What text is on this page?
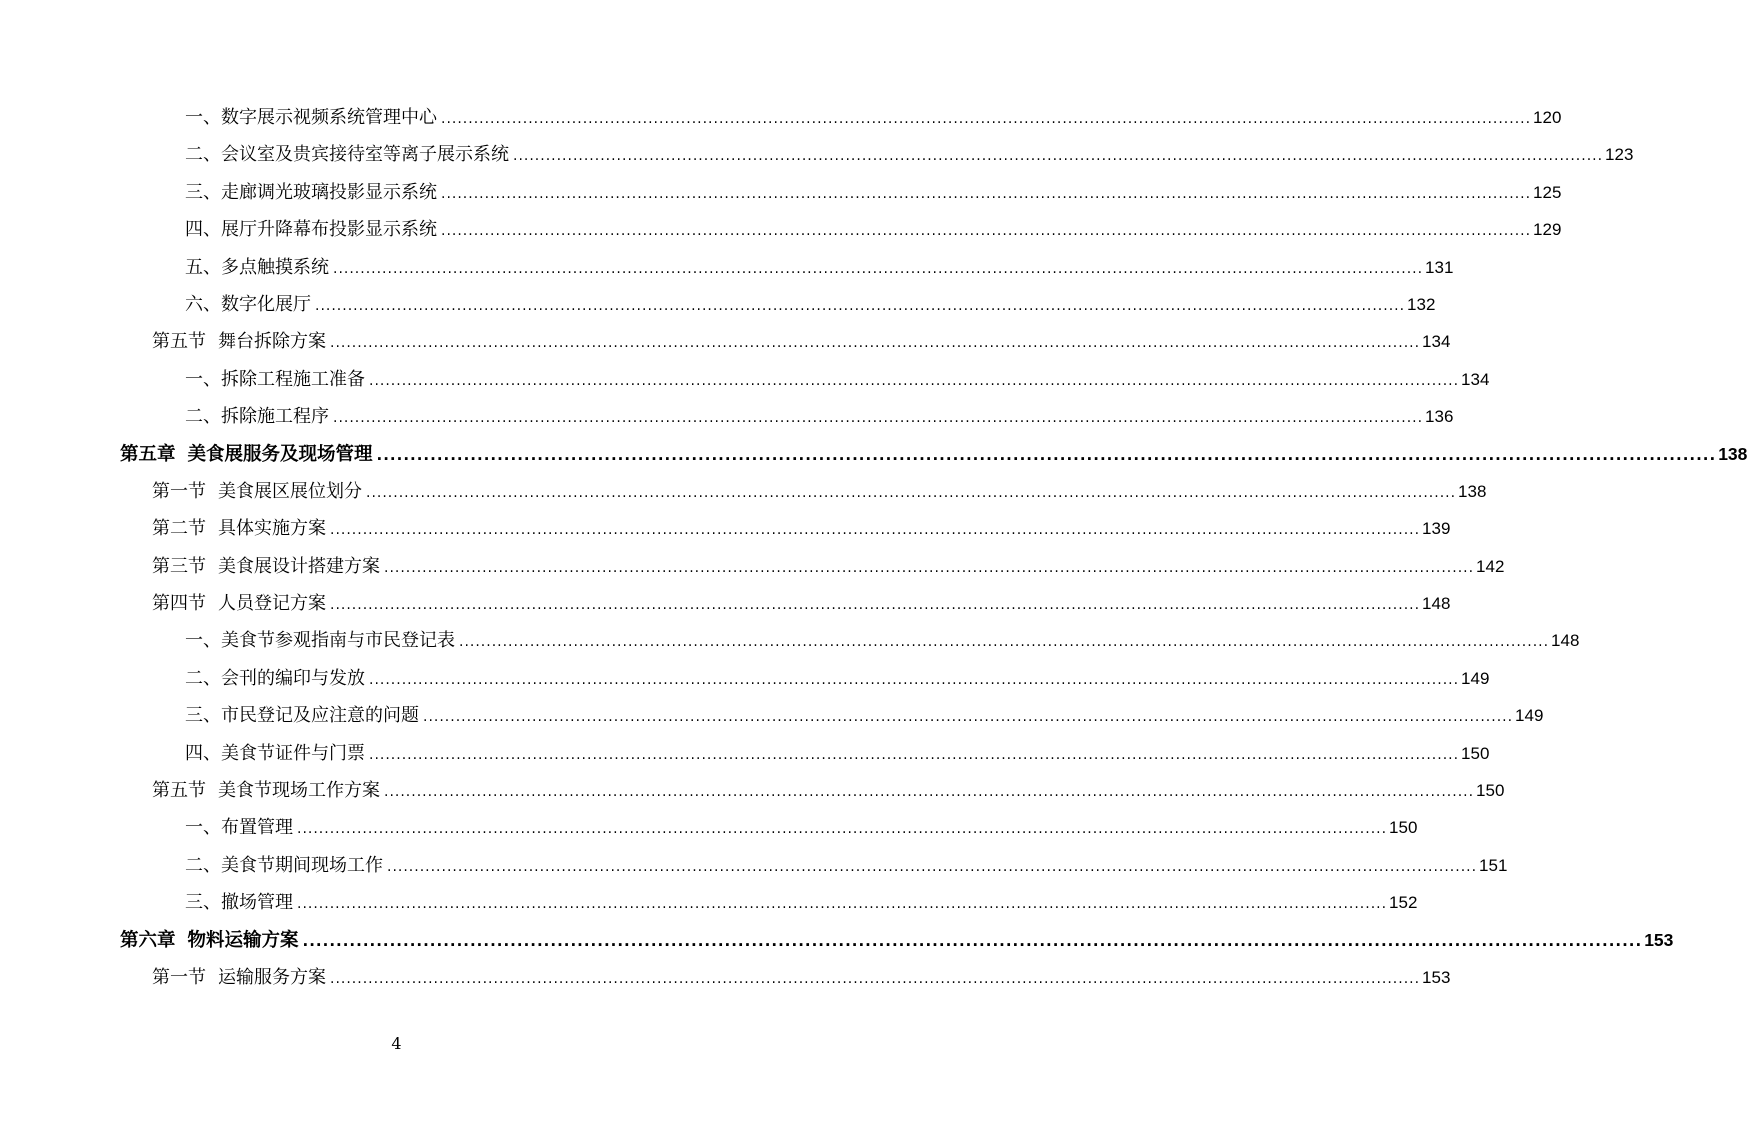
一、 数字展示视频系统管理中心 ........................................................................................................................................................................................................ 120
二、 会议室及贵宾接待室等离子展示系统 ........................................................................................................................................................................................................ 123
三、 走廊调光玻璃投影显示系统 ........................................................................................................................................................................................................ 125
四、 展厅升降幕布投影显示系统 ........................................................................................................................................................................................................ 129
五、 多点触摸系统 ........................................................................................................................................................................................................ 131
六、 数字化展厅 ........................................................................................................................................................................................................ 132
第五节 舞台拆除方案 ........................................................................................................................................................................................................ 134
一、 拆除工程施工准备 ........................................................................................................................................................................................................ 134
二、 拆除施工程序 ........................................................................................................................................................................................................ 136
第五章 美食展服务及现场管理 ........................................................................................................................................................................................................ 138
第一节 美食展区展位划分 ........................................................................................................................................................................................................ 138
第二节 具体实施方案 ........................................................................................................................................................................................................ 139
第三节 美食展设计搭建方案 ........................................................................................................................................................................................................ 142
第四节 人员登记方案 ........................................................................................................................................................................................................ 148
一、 美食节参观指南与市民登记表 ........................................................................................................................................................................................................ 148
二、 会刊的编印与发放 ........................................................................................................................................................................................................ 149
三、 市民登记及应注意的问题 ........................................................................................................................................................................................................ 149
四、 美食节证件与门票 ........................................................................................................................................................................................................ 150
第五节 美食节现场工作方案 ........................................................................................................................................................................................................ 150
一、 布置管理 ........................................................................................................................................................................................................ 150
二、 美食节期间现场工作 ........................................................................................................................................................................................................ 151
三、 撤场管理 ........................................................................................................................................................................................................ 152
第六章 物料运输方案 ........................................................................................................................................................................................................ 153
第一节 运输服务方案 ........................................................................................................................................................................................................ 153
4
